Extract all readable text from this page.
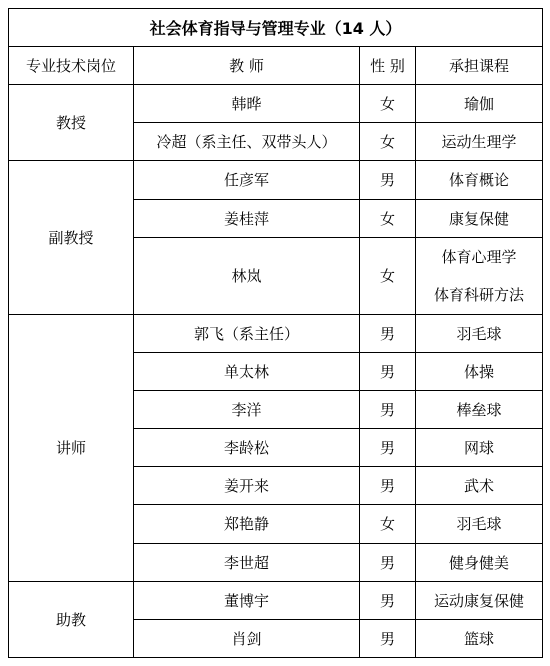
社会体育指导与管理专业（14 人）			
专业技术岗位	教 师	性 别	承担课程
教授	韩晔	女	瑜伽
	冷超（系主任、双带头人）	女	运动生理学
副教授	任彦军	男	体育概论
	姜桂萍	女	康复保健
	林岚	女	体育心理学
体育科研方法

讲师	郭飞（系主任）	男	羽毛球
	单太林	男	体操
	李洋	男	棒垒球
	李龄松	男	网球
	姜开来	男	武术
	郑艳静	女	羽毛球
	李世超	男	健身健美
助教	董博宇	男	运动康复保健
	肖剑	男	篮球
